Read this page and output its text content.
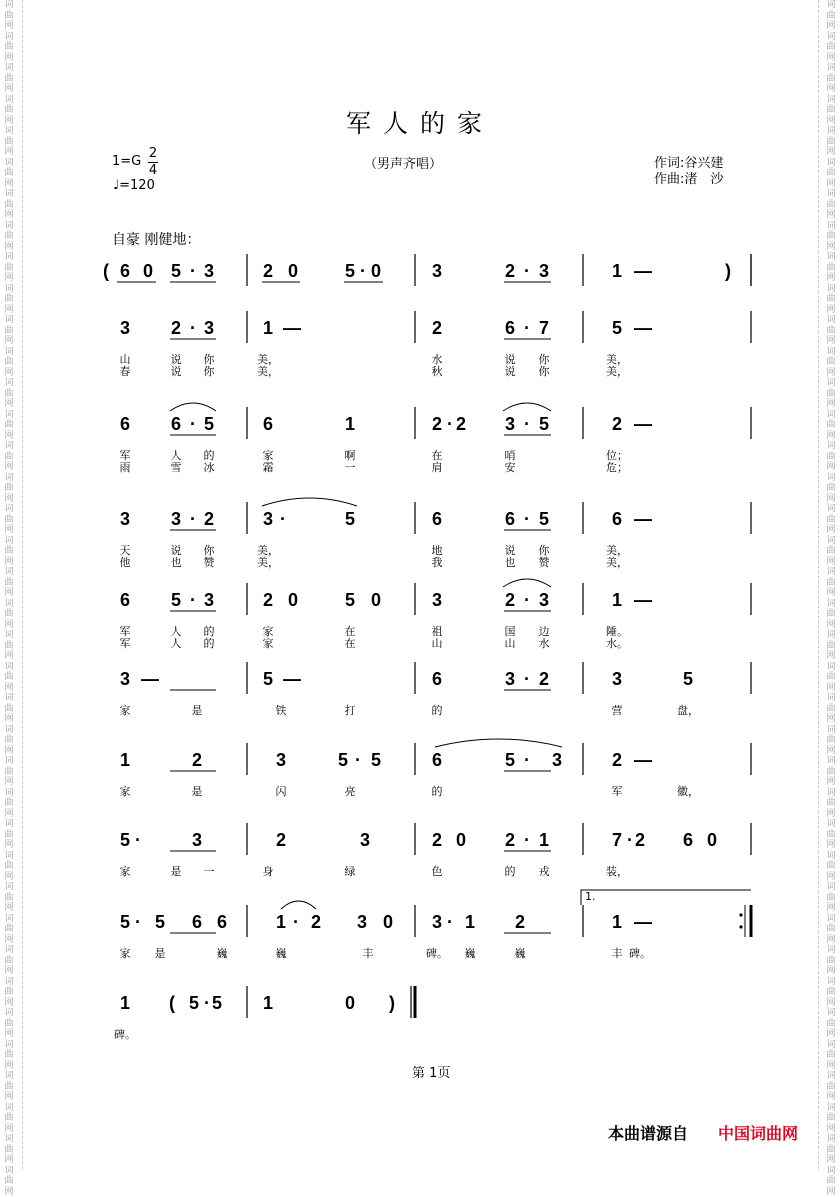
词曲网词曲网词曲网词曲网词曲网词曲网词曲网词曲网词曲网词曲网词曲网词曲网词曲网词曲网词曲网词曲网词曲网词曲网词曲网词曲网词曲网词曲网词曲网词曲网词曲网词曲网词曲网词曲网词曲网词曲网词曲网词曲网词曲网词曲网词曲网词曲网词曲网词曲网
词曲网词曲网词曲网词曲网词曲网词曲网词曲网词曲网词曲网词曲网词曲网词曲网词曲网词曲网词曲网词曲网词曲网词曲网词曲网词曲网词曲网词曲网词曲网词曲网词曲网词曲网词曲网词曲网词曲网词曲网词曲网词曲网词曲网词曲网词曲网词曲网词曲网词曲网
军人的家
1=G
2
4
♩=120
（男声齐唱）	作词:谷兴建
作曲:渚　沙
自豪 刚健地：
( 6 0 5 · 3	2 0	5 · 0	3	2 · 3	1 —	)
3 2 · 3	1 —	2	6 · 7	5 —
山	说 你	美，	水	说 你	美，
春	说 你	美，	秋	说 你	美，
6 6 · 5	6	1	2 · 2 3 · 5	2 —
军	人 的	家	啊	在	哨	位；
雨	雪 冰	霜	一	肩	安	危；
3 3 · 2	3 ·	5	6	6 · 5	6 —
天	说 你	美，	地	说 你	美，
他	也 赞	美，	我	也 赞	美，
6 5 · 3	2 0	5 0	3	2 · 3	1 —
军	人 的	家	在	祖	国 边	陲。
军	人 的	家	在	山	山 水	水。
3 —	5 —	6	3 · 2	3	5
家	是	铁	打	的	营	盘，
1	2	3	5 · 5	6	5 · 3	2 —
家	是	闪	亮	的	军	徽，
5 ·	3	2	3	2 0 2 · 1	7 · 2 6 0
家	是 一	身	绿	色	的 戎	装，
5 · 5 6 6	1 · 2 3 0 3 · 1 2	1 —
家 是	巍	巍	丰	碑。 巍	巍	丰 碑。
1 ( 5 · 5 1	0 )
碑。
1.
第 1页
本曲谱源自 中国词曲网
